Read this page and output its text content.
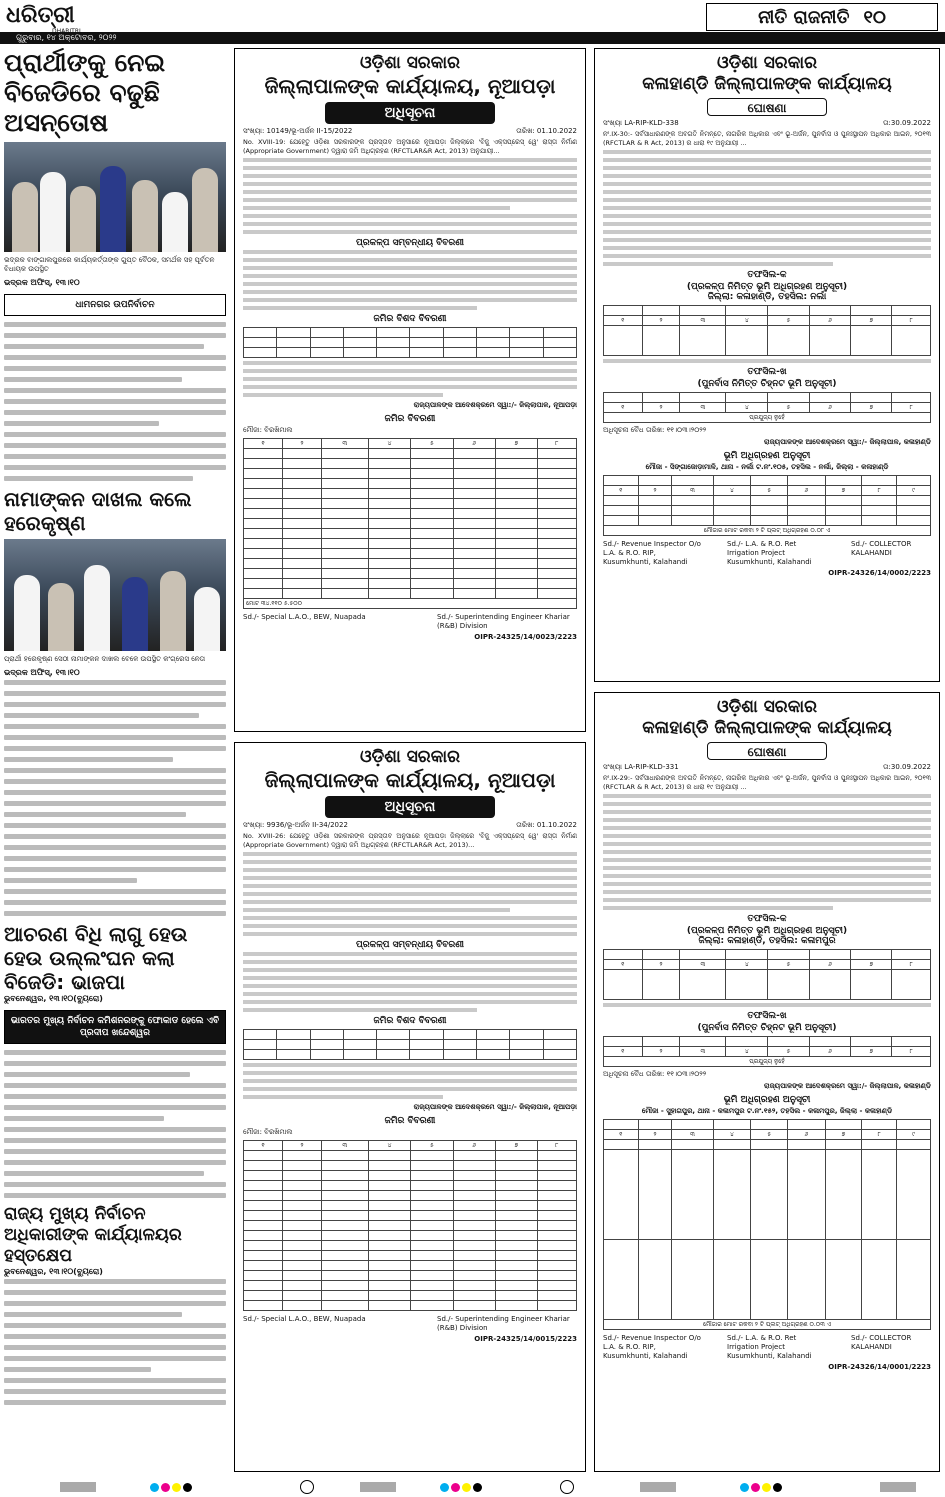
ଧରିତ୍ରୀ	ନୀତି ରାଜନୀତି ୧୦
ଗୁରୁବାର, ୧୪ ଅକ୍ଟୋବର, ୨୦୨୨
ପ୍ରାର୍ଥୀଙ୍କୁ ନେଇ ବିଜେଡିରେ ବଢୁଛି ଅସନ୍ତୋଷ
ଭଦ୍ରକ ବାଙ୍ଗାଲପୁରରେ କାର୍ଯ୍ୟକର୍ତ୍ତାଙ୍କ ଗୁପ୍ତ ବୈଠକ, ସମର୍ଥକ ସହ ପୂର୍ବତନ ବିଧାୟକ ଉପସ୍ଥିତ
ଭଦ୍ରକ ଅଫିସ୍, ୧୩।୧୦
ଧାମନଗର ଉପନିର୍ବାଚନ
ନାମାଙ୍କନ ଦାଖଲ କଲେ ହରେକୃଷ୍ଣ
ପ୍ରାର୍ଥୀ ହରେକୃଷ୍ଣ ସେଠୀ ନାମାଙ୍କନ ଦାଖଲ ବେଳେ ଉପସ୍ଥିତ କଂଗ୍ରେସ ନେତା
ଭଦ୍ରକ ଅଫିସ୍, ୧୩।୧୦
ଆଚରଣ ବିଧି ଲାଗୁ ହେଉ ହେଉ ଉଲ୍ଲଂଘନ କଲା ବିଜେଡି: ଭାଜପା
ଭୁବନେଶ୍ୱର, ୧୩।୧୦(ବ୍ୟୁରୋ)
ଭାରତର ମୁଖ୍ୟ ନିର୍ବାଚନ କମିଶନରଙ୍କୁ ଫୋକାଡ ହେଲେ ଏବି ପ୍ରଦୀପ ଖନ୍ଦେଶ୍ୱର
ରାଜ୍ୟ ମୁଖ୍ୟ ନିର୍ବାଚନ ଅଧିକାରୀଙ୍କ କାର୍ଯ୍ୟାଳୟର ହସ୍ତକ୍ଷେପ
ଭୁବନେଶ୍ୱର, ୧୩।୧୦(ବ୍ୟୁରୋ)
ଓଡ଼ିଶା ସରକାର
ଜିଲ୍ଲାପାଳଙ୍କ କାର୍ଯ୍ୟାଳୟ, ନୂଆପଡ଼ା
ଅଧିସୂଚନା
ସଂଖ୍ୟା: 10149/ଭୂ-ଅର୍ଜନ II-15/2022	ତାରିଖ: 01.10.2022
No. XVIII-19: ଯେହେତୁ ଓଡ଼ିଶା ସରକାରଙ୍କ ପ୍ରସ୍ତାବ ଅନୁସାରେ ନୂଆପଡ଼ା ଜିଲ୍ଲାରେ 'ବିଜୁ ଏକ୍ସପ୍ରେସ୍‌ ୱେ' ରାସ୍ତା ନିର୍ମାଣ (Appropriate Government) ଦ୍ୱାରା ଜମି ଅଧିଗ୍ରହଣ (RFCTLAR&R Act, 2013) ଅନୁଯାୟୀ...
ପ୍ରକଳ୍ପ ସମ୍ବନ୍ଧୀୟ ବିବରଣୀ
ଜମିର ବିଶଦ ବିବରଣୀ

ରାଜ୍ୟପାଳଙ୍କ ଆଦେଶକ୍ରମେ ସ୍ୱା:/- ଜିଲ୍ଲାପାଳ, ନୂଆପଡ଼ା
ଜମିର ବିବରଣୀ
ମୌଜା: ବିରଖିମାଲ
୧	୨	୩	୪	୫	୬	୭	୮

ମୋଟ ୩୪.୧୧୦ ୫.୫୦୦							
Sd./- Special L.A.O., BEW, Nuapada	Sd./- Superintending Engineer Khariar (R&B) Division
OIPR-24325/14/0023/2223
ଓଡ଼ିଶା ସରକାର
ଜିଲ୍ଲାପାଳଙ୍କ କାର୍ଯ୍ୟାଳୟ, ନୂଆପଡ଼ା
ଅଧିସୂଚନା
ସଂଖ୍ୟା: 9936/ଭୂ-ଅର୍ଜନ II-34/2022	ତାରିଖ: 01.10.2022
No. XVIII-26: ଯେହେତୁ ଓଡ଼ିଶା ସରକାରଙ୍କ ପ୍ରସ୍ତାବ ଅନୁସାରେ ନୂଆପଡ଼ା ଜିଲ୍ଲାରେ 'ବିଜୁ ଏକ୍ସପ୍ରେସ୍‌ ୱେ' ରାସ୍ତା ନିର୍ମାଣ (Appropriate Government) ଦ୍ୱାରା ଜମି ଅଧିଗ୍ରହଣ (RFCTLAR&R Act, 2013)...
ପ୍ରକଳ୍ପ ସମ୍ବନ୍ଧୀୟ ବିବରଣୀ
ଜମିର ବିଶଦ ବିବରଣୀ

ରାଜ୍ୟପାଳଙ୍କ ଆଦେଶକ୍ରମେ ସ୍ୱା:/- ଜିଲ୍ଲାପାଳ, ନୂଆପଡ଼ା
ଜମିର ବିବରଣୀ
ମୌଜା: ବିରଖିମାଲ
୧	୨	୩	୪	୫	୬	୭	୮

Sd./- Special L.A.O., BEW, Nuapada	Sd./- Superintending Engineer Khariar (R&B) Division
OIPR-24325/14/0015/2223
ଓଡ଼ିଶା ସରକାର
କଳାହାଣ୍ଡି ଜିଲ୍ଲାପାଳଙ୍କ କାର୍ଯ୍ୟାଳୟ
ଘୋଷଣା
ସଂଖ୍ୟା LA-RIP-KLD-338	ତା:30.09.2022
ନଂ.IX-30:- ସର୍ବସାଧାରଣଙ୍କ ଅବଗତି ନିମନ୍ତେ, ନାଗରିକ ଅଧିକାର ଏବଂ ଭୂ-ଅର୍ଜନ, ପୁନର୍ବାସ ଓ ପୁନଃସ୍ଥାପନ ଅଧିକାର ଆଇନ, ୨୦୧୩ (RFCTLAR & R Act, 2013) ର ଧାରା ୧୯ ଅନୁଯାୟୀ ...
ତଫସିଲ-କ
(ପ୍ରକଳ୍ପ ନିମିତ୍ତ ଭୂମି ଅଧିଗ୍ରହଣ ଅନୁସୂଚୀ)
ଜିଲ୍ଲା: କଳାହାଣ୍ଡି, ତହସିଲ: ନର୍ଲା

୧	୨	୩	୪	୫	୬	୭	୮

ତଫସିଲ-ଖ
(ପୁନର୍ବାସ ନିମିତ୍ତ ଚିହ୍ନଟ ଭୂମି ଅନୁସୂଚୀ)

୧	୨	୩	୪	୫	୬	୭	୮
ପ୍ରଯୁଜ୍ୟ ନୁହେଁ							
ଅଧିସୂଚନା ବୈଧ ତାରିଖ: ୧୧।୦୩।୨୦୨୨
ରାଜ୍ୟପାଳଙ୍କ ଆଦେଶକ୍ରମେ ସ୍ୱା:/- ଜିଲ୍ଲାପାଳ, କଳାହାଣ୍ଡି
ଭୂମି ଅଧିଗ୍ରହଣ ଅନୁସୂଚୀ
ମୌଜା - ସିଙ୍ଗାଜୋଡ଼ାମାଳି, ଥାନା - ନର୍ଲା ଟ.ନଂ.୧୦୫, ତହସିଲ - ନର୍ଲା, ଜିଲ୍ଲା - କଳାହାଣ୍ଡି

୧	୨	୩	୪	୫	୬	୭	୮	୯

ମୌଜାର ମୋଟ ରକବା ୨ ଟି ପ୍ଲଟ୍ ଅଧିଗ୍ରହଣ ୦.୦୮ ଏ								
Sd./- Revenue Inspector O/o L.A. & R.O. RIP, Kusumkhunti, Kalahandi
Sd./- L.A. & R.O. Ret Irrigation Project Kusumkhunti, Kalahandi
Sd./- COLLECTOR KALAHANDI
OIPR-24326/14/0002/2223
ଓଡ଼ିଶା ସରକାର
କଳାହାଣ୍ଡି ଜିଲ୍ଲାପାଳଙ୍କ କାର୍ଯ୍ୟାଳୟ
ଘୋଷଣା
ସଂଖ୍ୟା LA-RIP-KLD-331	ତା:30.09.2022
ନଂ.IX-29:- ସର୍ବସାଧାରଣଙ୍କ ଅବଗତି ନିମନ୍ତେ, ନାଗରିକ ଅଧିକାର ଏବଂ ଭୂ-ଅର୍ଜନ, ପୁନର୍ବାସ ଓ ପୁନଃସ୍ଥାପନ ଅଧିକାର ଆଇନ, ୨୦୧୩ (RFCTLAR & R Act, 2013) ର ଧାରା ୧୯ ଅନୁଯାୟୀ ...
ତଫସିଲ-କ
(ପ୍ରକଳ୍ପ ନିମିତ୍ତ ଭୂମି ଅଧିଗ୍ରହଣ ଅନୁସୂଚୀ)
ଜିଲ୍ଲା: କଳାହାଣ୍ଡି, ତହସିଲ: କଳାମପୁର

୧	୨	୩	୪	୫	୬	୭	୮

ତଫସିଲ-ଖ
(ପୁନର୍ବାସ ନିମିତ୍ତ ଚିହ୍ନଟ ଭୂମି ଅନୁସୂଚୀ)

୧	୨	୩	୪	୫	୬	୭	୮
ପ୍ରଯୁଜ୍ୟ ନୁହେଁ							
ଅଧିସୂଚନା ବୈଧ ତାରିଖ: ୧୧।୦୩।୨୦୨୨
ରାଜ୍ୟପାଳଙ୍କ ଆଦେଶକ୍ରମେ ସ୍ୱା:/- ଜିଲ୍ଲାପାଳ, କଳାହାଣ୍ଡି
ଭୂମି ଅଧିଗ୍ରହଣ ଅନୁସୂଚୀ
ମୌଜା - ସୁହାଗପୁର, ଥାନା - କଳାମପୁର ଟ.ନଂ.୧୫୨, ତହସିଲ - କଳାମପୁର, ଜିଲ୍ଲା - କଳାହାଣ୍ଡି

୧	୨	୩	୪	୫	୬	୭	୮	୯

ମୌଜାର ମୋଟ ରକବା ୨ ଟି ପ୍ଲଟ୍ ଅଧିଗ୍ରହଣ ୦.୦୩ ଏ								
Sd./- Revenue Inspector O/o L.A. & R.O. RIP, Kusumkhunti, Kalahandi
Sd./- L.A. & R.O. Ret Irrigation Project Kusumkhunti, Kalahandi
Sd./- COLLECTOR KALAHANDI
OIPR-24326/14/0001/2223
